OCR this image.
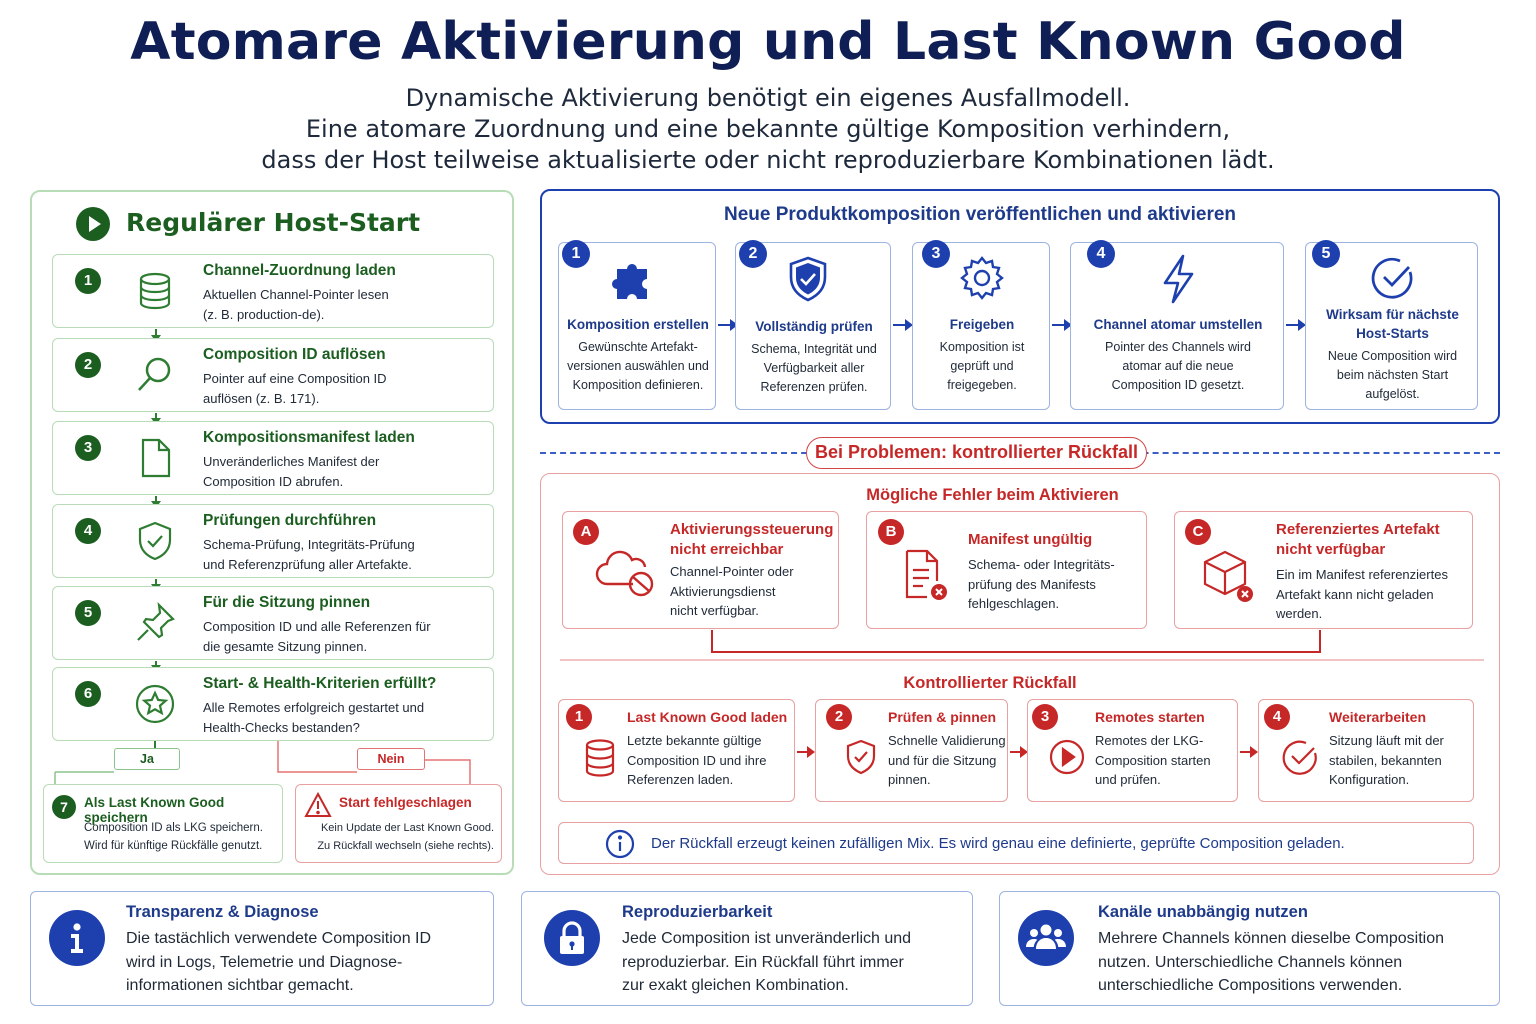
Atomare Aktivierung und Last Known Good
Dynamische Aktivierung benötigt ein eigenes Ausfallmodell.
Eine atomare Zuordnung und eine bekannte gültige Komposition verhindern,
dass der Host teilweise aktualisierte oder nicht reproduzierbare Kombinationen lädt.
Regulärer Host-Start
1
Channel-Zuordnung laden
Aktuellen Channel-Pointer lesen
(z. B. production-de).
2
Composition ID auflösen
Pointer auf eine Composition ID
auflösen (z. B. 171).
3
Kompositionsmanifest laden
Unveränderliches Manifest der
Composition ID abrufen.
4
Prüfungen durchführen
Schema-Prüfung, Integritäts-Prüfung
und Referenzprüfung aller Artefakte.
5
Für die Sitzung pinnen
Composition ID und alle Referenzen für
die gesamte Sitzung pinnen.
6
Start- & Health-Kriterien erfüllt?
Alle Remotes erfolgreich gestartet und
Health-Checks bestanden?
Ja	Nein
7	Als Last Known Good speichern
Composition ID als LKG speichern.
Wird für künftige Rückfälle genutzt.
Start fehlgeschlagen
Kein Update der Last Known Good.
Zu Rückfall wechseln (siehe rechts).
Neue Produktkomposition veröffentlichen und aktivieren
Komposition erstellen
Gewünschte Artefakt-
versionen auswählen und
Komposition definieren.
1
Vollständig prüfen
Schema, Integrität und
Verfügbarkeit aller
Referenzen prüfen.
2
Freigeben
Komposition ist
geprüft und
freigegeben.
3
Channel atomar umstellen
Pointer des Channels wird
atomar auf die neue
Composition ID gesetzt.
4
Wirksam für nächste
Host-Starts
Neue Composition wird
beim nächsten Start
aufgelöst.
5
Bei Problemen: kontrollierter Rückfall
Mögliche Fehler beim Aktivieren
Aktivierungssteuerung
nicht erreichbar
Channel-Pointer oder
Aktivierungsdienst
nicht verfügbar.
A	Manifest ungültig
Schema- oder Integritäts-
prüfung des Manifests
fehlgeschlagen.
B	Referenziertes Artefakt
nicht verfügbar
Ein im Manifest referenziertes
Artefakt kann nicht geladen
werden.
C
Kontrollierter Rückfall
Last Known Good laden
Letzte bekannte gültige
Composition ID und ihre
Referenzen laden.
1	Prüfen & pinnen
Schnelle Validierung
und für die Sitzung
pinnen.
2	Remotes starten
Remotes der LKG-
Composition starten
und prüfen.
3	Weiterarbeiten
Sitzung läuft mit der
stabilen, bekannten
Konfiguration.
4
Der Rückfall erzeugt keinen zufälligen Mix. Es wird genau eine definierte, geprüfte Composition geladen.
Transparenz & Diagnose
Die tastächlich verwendete Composition ID
wird in Logs, Telemetrie und Diagnose-
informationen sichtbar gemacht.
Reproduzierbarkeit
Jede Composition ist unveränderlich und
reproduzierbar. Ein Rückfall führt immer
zur exakt gleichen Kombination.
Kanäle unabbängig nutzen
Mehrere Channels können dieselbe Composition
nutzen. Unterschiedliche Channels können
unterschiedliche Compositions verwenden.
